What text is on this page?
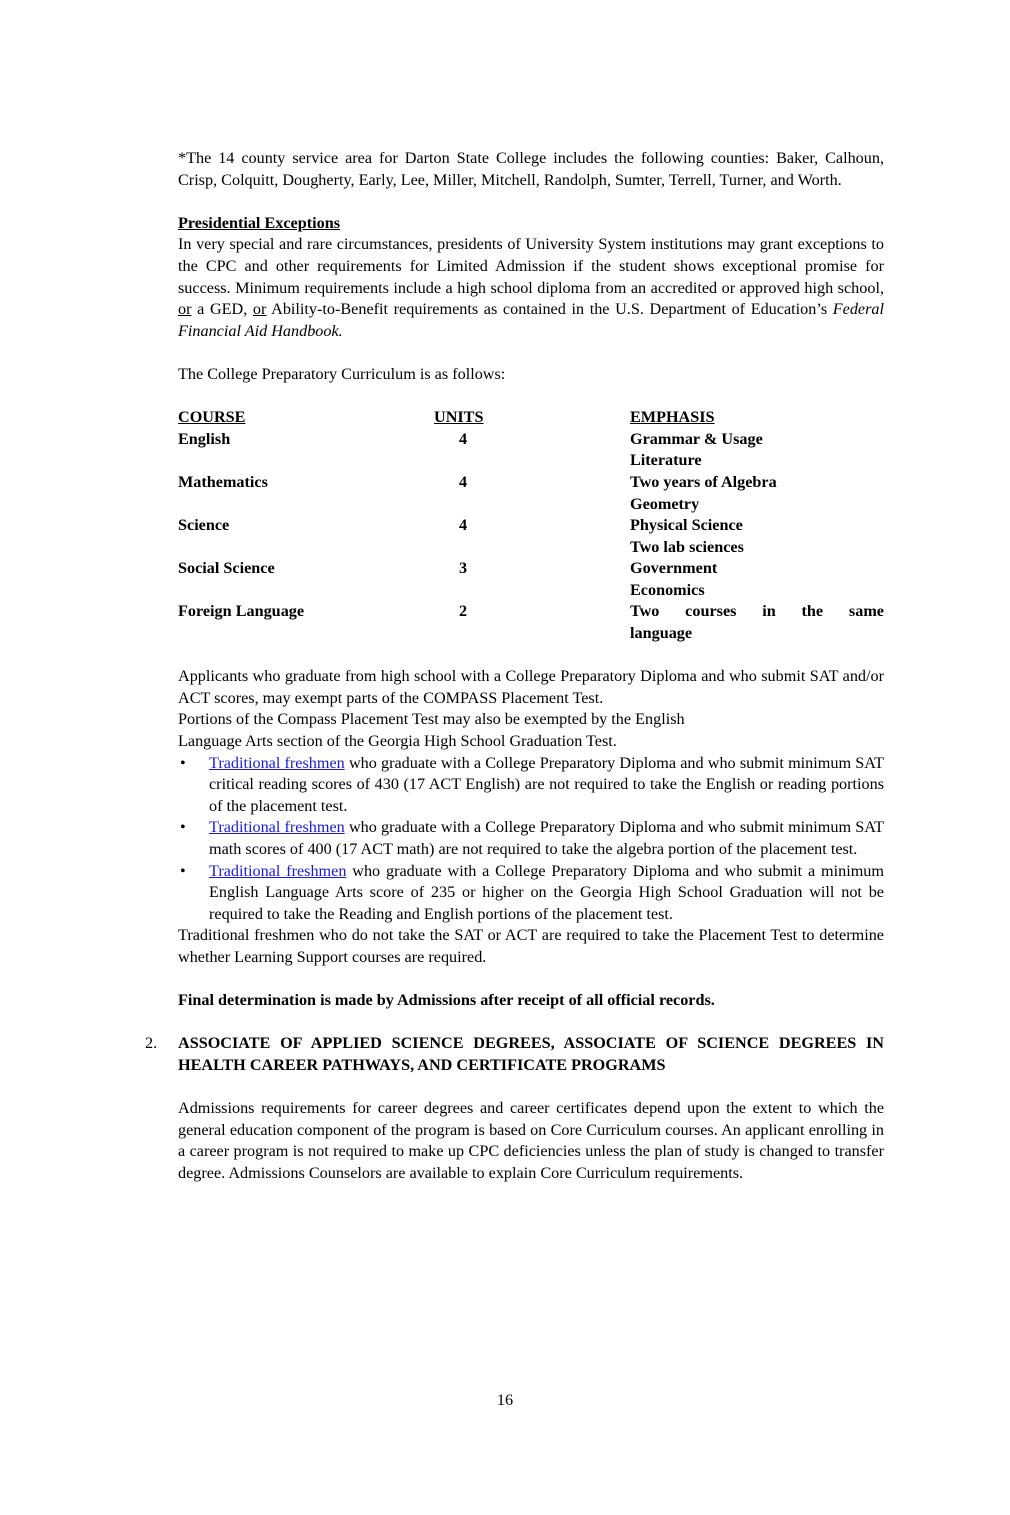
*The 14 county service area for Darton State College includes the following counties: Baker, Calhoun, Crisp, Colquitt, Dougherty, Early, Lee, Miller, Mitchell, Randolph, Sumter, Terrell, Turner, and Worth.

Presidential Exceptions

In very special and rare circumstances, presidents of University System institutions may grant exceptions to the CPC and other requirements for Limited Admission if the student shows exceptional promise for success. Minimum requirements include a high school diploma from an accredited or approved high school, or a GED, or Ability-to-Benefit requirements as contained in the U.S. Department of Education’s Federal Financial Aid Handbook.

The College Preparatory Curriculum is as follows:

COURSE	UNITS	EMPHASIS
English	4	Grammar & Usage
Literature

Mathematics	4	Two years of Algebra
Geometry

Science	4	Physical Science
Two lab sciences

Social Science	3	Government
Economics

Foreign Language	2	Two courses in the same
language

Applicants who graduate from high school with a College Preparatory Diploma and who submit SAT and/or ACT scores, may exempt parts of the COMPASS Placement Test.

Portions of the Compass Placement Test may also be exempted by the English

Language Arts section of the Georgia High School Graduation Test.

• Traditional freshmen who graduate with a College Preparatory Diploma and who submit minimum SAT critical reading scores of 430 (17 ACT English) are not required to take the English or reading portions of the placement test.
• Traditional freshmen who graduate with a College Preparatory Diploma and who submit minimum SAT math scores of 400 (17 ACT math) are not required to take the algebra portion of the placement test.
• Traditional freshmen who graduate with a College Preparatory Diploma and who submit a minimum English Language Arts score of 235 or higher on the Georgia High School Graduation will not be required to take the Reading and English portions of the placement test.

Traditional freshmen who do not take the SAT or ACT are required to take the Placement Test to determine whether Learning Support courses are required.

Final determination is made by Admissions after receipt of all official records.

2. ASSOCIATE OF APPLIED SCIENCE DEGREES, ASSOCIATE OF SCIENCE DEGREES IN HEALTH CAREER PATHWAYS, AND CERTIFICATE PROGRAMS

Admissions requirements for career degrees and career certificates depend upon the extent to which the general education component of the program is based on Core Curriculum courses. An applicant enrolling in a career program is not required to make up CPC deficiencies unless the plan of study is changed to transfer degree. Admissions Counselors are available to explain Core Curriculum requirements.

16
